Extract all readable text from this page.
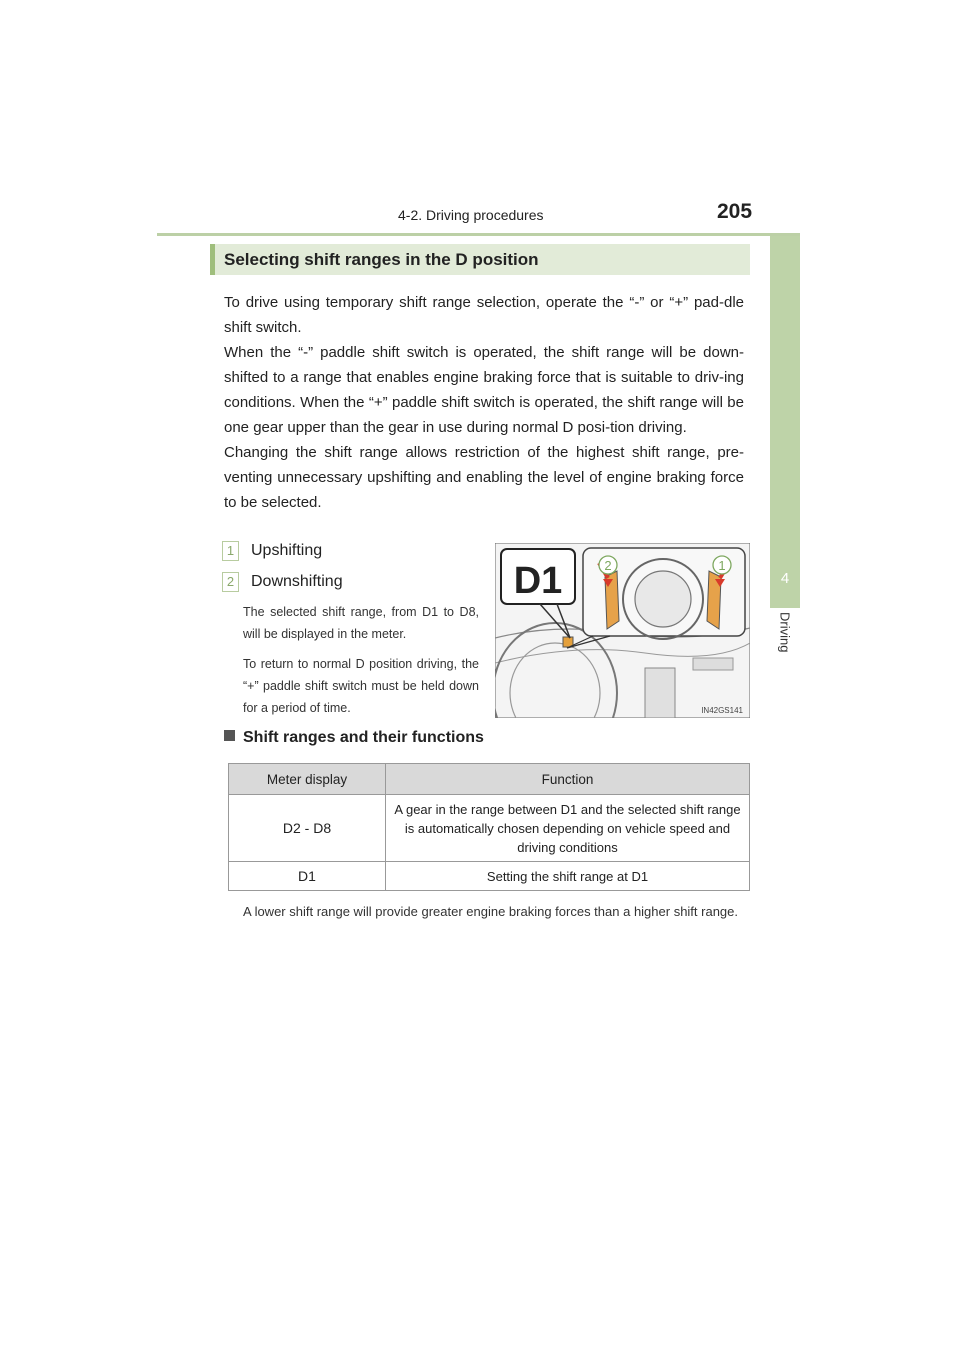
4-2. Driving procedures	205
4
Driving
Selecting shift ranges in the D position

To drive using temporary shift range selection, operate the “-” or “+” pad-dle shift switch.

When the “-” paddle shift switch is operated, the shift range will be down-shifted to a range that enables engine braking force that is suitable to driv-ing conditions. When the “+” paddle shift switch is operated, the shift range will be one gear upper than the gear in use during normal D posi-tion driving.

Changing the shift range allows restriction of the highest shift range, pre-venting unnecessary upshifting and enabling the level of engine braking force to be selected.

1 Upshifting
2 Downshifting

The selected shift range, from D1 to D8, will be displayed in the meter.

To return to normal D position driving, the “+” paddle shift switch must be held down for a period of time.

2	1
D1
IN42GS141
Shift ranges and their functions
Meter display	Function
D2 - D8	A gear in the range between D1 and the selected shift range is automatically chosen depending on vehicle speed and driving conditions
D1	Setting the shift range at D1

A lower shift range will provide greater engine braking forces than a higher shift range.
